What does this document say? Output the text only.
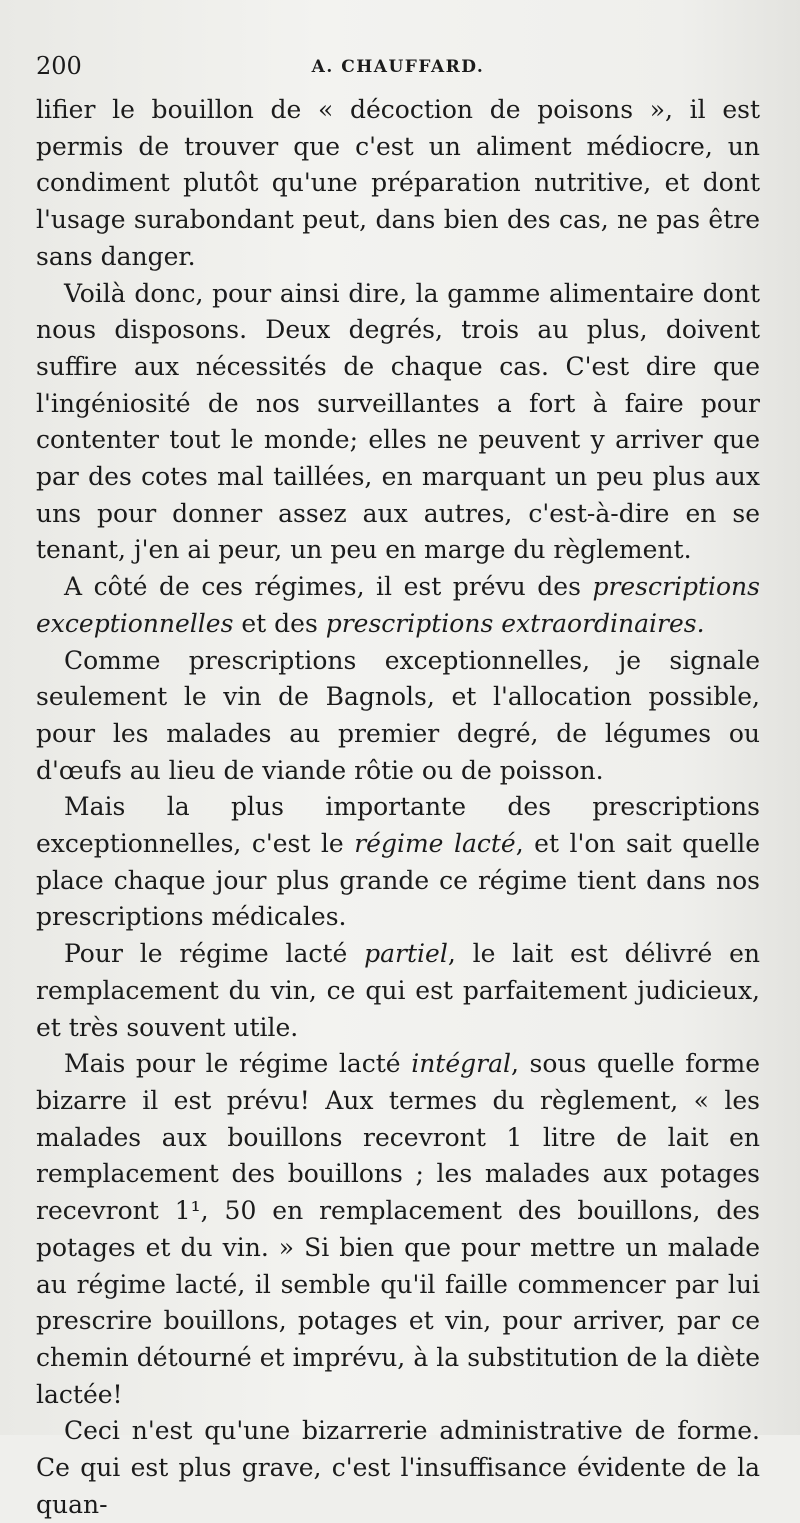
200	A. CHAUFFARD.

lifier le bouillon de « décoction de poisons », il est permis de trouver que c'est un aliment médiocre, un condiment plutôt qu'une préparation nutritive, et dont l'usage surabondant peut, dans bien des cas, ne pas être sans danger.

Voilà donc, pour ainsi dire, la gamme alimentaire dont nous disposons. Deux degrés, trois au plus, doivent suffire aux nécessités de chaque cas. C'est dire que l'ingéniosité de nos surveillantes a fort à faire pour contenter tout le monde; elles ne peuvent y arriver que par des cotes mal taillées, en marquant un peu plus aux uns pour donner assez aux autres, c'est-à-dire en se tenant, j'en ai peur, un peu en marge du règlement.

A côté de ces régimes, il est prévu des prescriptions exceptionnelles et des prescriptions extraordinaires.

Comme prescriptions exceptionnelles, je signale seulement le vin de Bagnols, et l'allocation possible, pour les malades au premier degré, de légumes ou d'œufs au lieu de viande rôtie ou de poisson.

Mais la plus importante des prescriptions exceptionnelles, c'est le régime lacté, et l'on sait quelle place chaque jour plus grande ce régime tient dans nos prescriptions médicales.

Pour le régime lacté partiel, le lait est délivré en remplacement du vin, ce qui est parfaitement judicieux, et très souvent utile.

Mais pour le régime lacté intégral, sous quelle forme bizarre il est prévu! Aux termes du règlement, « les malades aux bouillons recevront 1 litre de lait en remplacement des bouillons ; les malades aux potages recevront 1¹, 50 en remplacement des bouillons, des potages et du vin. » Si bien que pour mettre un malade au régime lacté, il semble qu'il faille commencer par lui prescrire bouillons, potages et vin, pour arriver, par ce chemin détourné et imprévu, à la substitution de la diète lactée!

Ceci n'est qu'une bizarrerie administrative de forme. Ce qui est plus grave, c'est l'insuffisance évidente de la quan-
